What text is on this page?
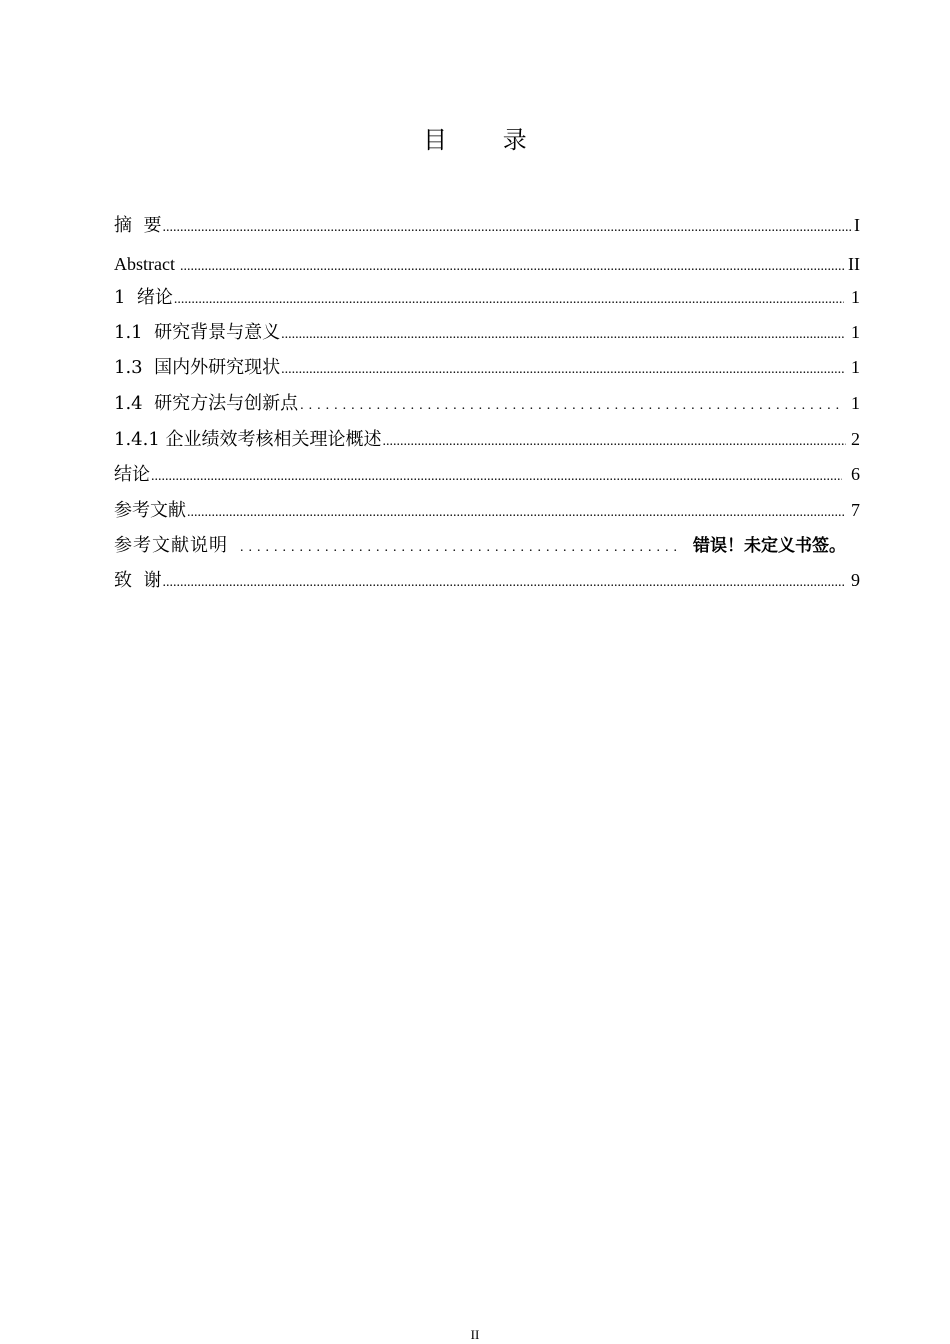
目 录
摘  要 .....	I
Abstract .....	II
1  绪论 .....	1
1.1  研究背景与意义 .....	1
1.3  国内外研究现状 .....	1
1.4  研究方法与创新点 .....	1
1.4.1 企业绩效考核相关理论概述 .....	2
结论 .....	6
参考文献 .....	7
参考文献说明 .....	错误！未定义书签。
致  谢 .....	9
II
